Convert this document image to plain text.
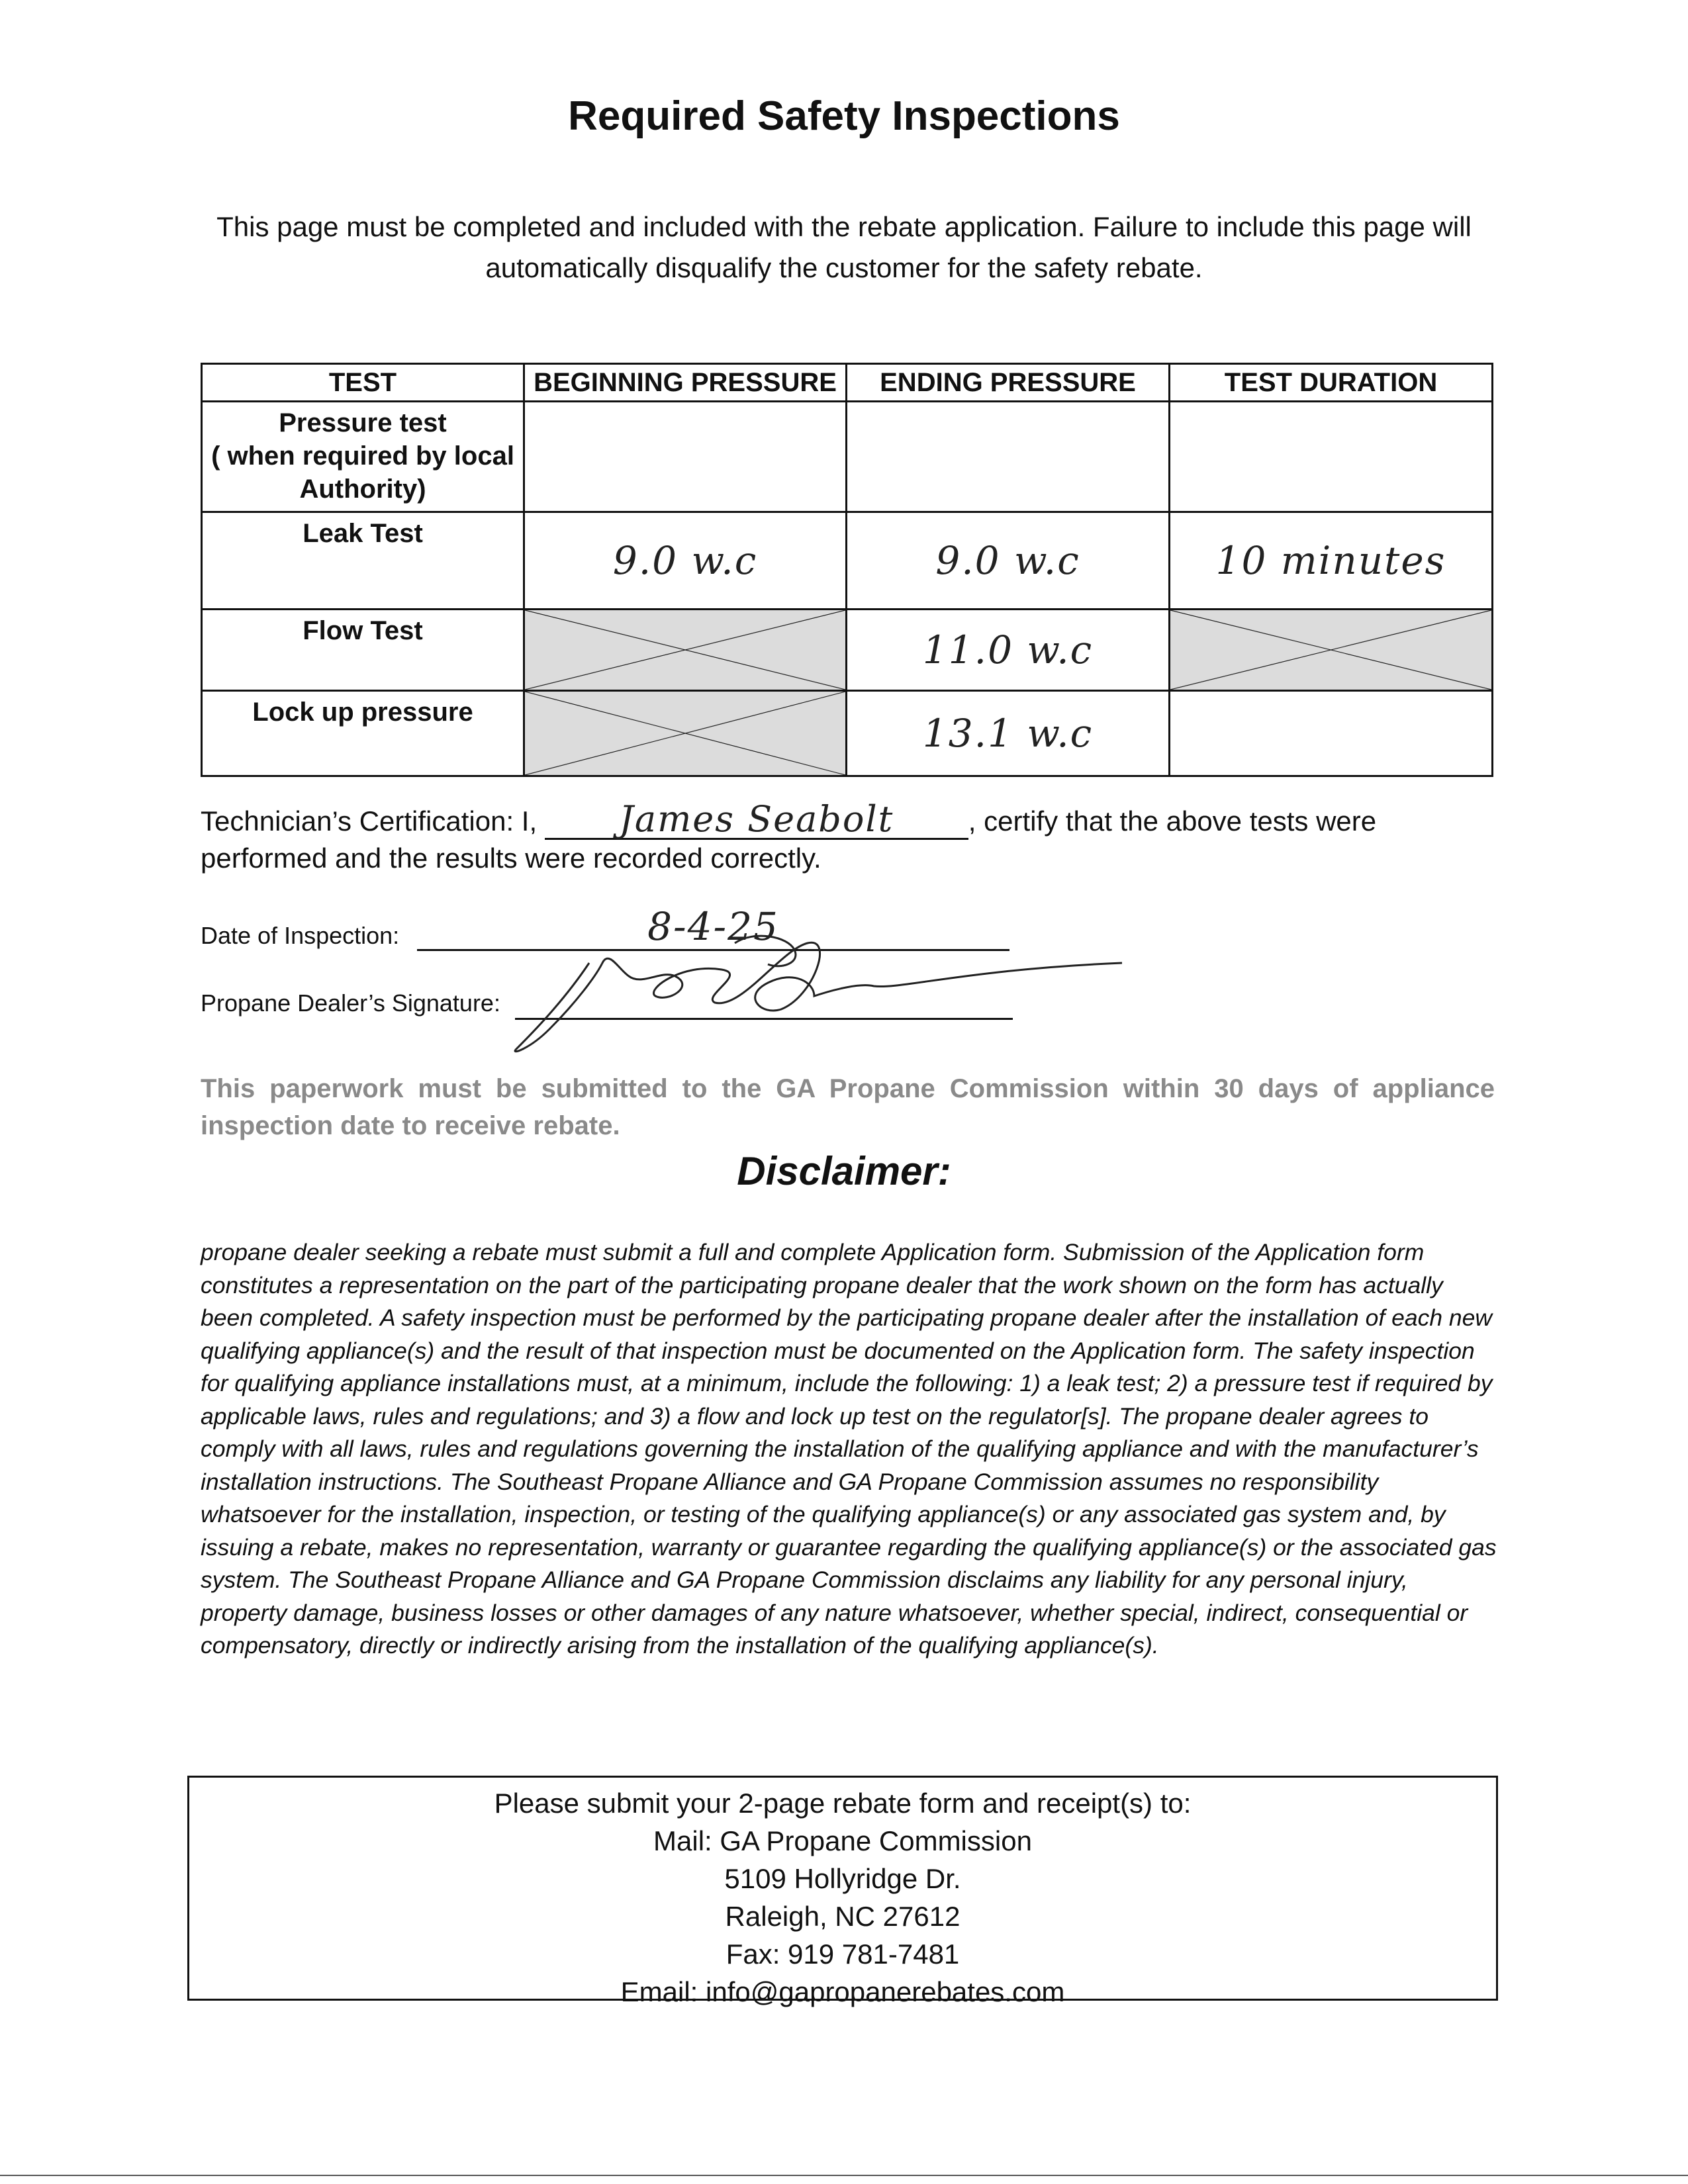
Required Safety Inspections
This page must be completed and included with the rebate application. Failure to include this page will
automatically disqualify the customer for the safety rebate.
TEST	BEGINNING PRESSURE	ENDING PRESSURE	TEST DURATION

Pressure test
( when required by local
Authority)			

Leak Test	9.0 w.c	9.0 w.c	10 minutes

Flow Test		11.0 w.c

Lock up pressure		13.1 w.c	

Technician’s Certification: I, James Seabolt	, certify that the above tests were
performed and the results were recorded correctly.
Date of Inspection:	8-4-25
Propane Dealer’s Signature:
This paperwork must be submitted to the GA Propane Commission within 30 days of appliance inspection date to receive rebate.
Disclaimer:
propane dealer seeking a rebate must submit a full and complete Application form. Submission of the Application form constitutes a representation on the part of the participating propane dealer that the work shown on the form has actually been completed. A safety inspection must be performed by the participating propane dealer after the installation of each new qualifying appliance(s) and the result of that inspection must be documented on the Application form. The safety inspection for qualifying appliance installations must, at a minimum, include the following: 1) a leak test; 2) a pressure test if required by applicable laws, rules and regulations; and 3) a flow and lock up test on the regulator[s]. The propane dealer agrees to comply with all laws, rules and regulations governing the installation of the qualifying appliance and with the manufacturer’s installation instructions. The Southeast Propane Alliance and GA Propane Commission assumes no responsibility whatsoever for the installation, inspection, or testing of the qualifying appliance(s) or any associated gas system and, by issuing a rebate, makes no representation, warranty or guarantee regarding the qualifying appliance(s) or the associated gas system. The Southeast Propane Alliance and GA Propane Commission disclaims any liability for any personal injury, property damage, business losses or other damages of any nature whatsoever, whether special, indirect, consequential or compensatory, directly or indirectly arising from the installation of the qualifying appliance(s).
Please submit your 2-page rebate form and receipt(s) to:
Mail: GA Propane Commission
5109 Hollyridge Dr.
Raleigh, NC 27612
Fax: 919 781-7481
Email: info@gapropanerebates.com
